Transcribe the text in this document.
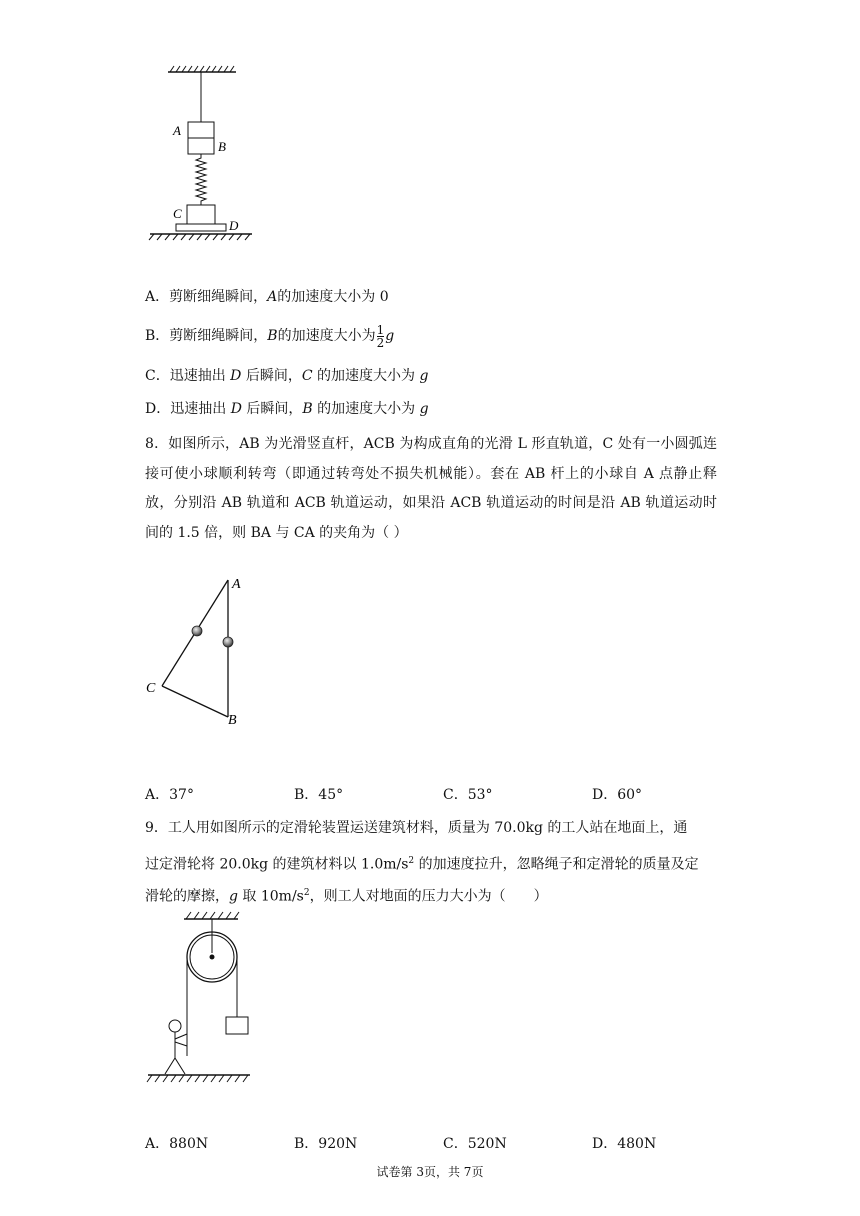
A
B
C
D
A．剪断细绳瞬间，A的加速度大小为 0
B．剪断细绳瞬间，B的加速度大小为 $\frac{1}{2}$ g
C．迅速抽出 D 后瞬间，C 的加速度大小为 g
D．迅速抽出 D 后瞬间，B 的加速度大小为 g
8．如图所示，AB 为光滑竖直杆，ACB 为构成直角的光滑 L 形直轨道，C 处有一小圆弧连接可使小球顺利转弯（即通过转弯处不损失机械能）。套在 AB 杆上的小球自 A 点静止释放，分别沿 AB 轨道和 ACB 轨道运动，如果沿 ACB 轨道运动的时间是沿 AB 轨道运动时间的 1.5 倍，则 BA 与 CA 的夹角为（ ）
A
C
B
A．37°	B．45°	C．53°	D．60°
9．工人用如图所示的定滑轮装置运送建筑材料，质量为 70.0kg 的工人站在地面上，通
过定滑轮将 20.0kg 的建筑材料以 $1.0m/s^2$ 的加速度拉升，忽略绳子和定滑轮的质量及定
滑轮的摩擦，g 取 $10m/s^2$，则工人对地面的压力大小为（　　）
A．880N	B．920N	C．520N	D．480N
试卷第 3页，共 7页
